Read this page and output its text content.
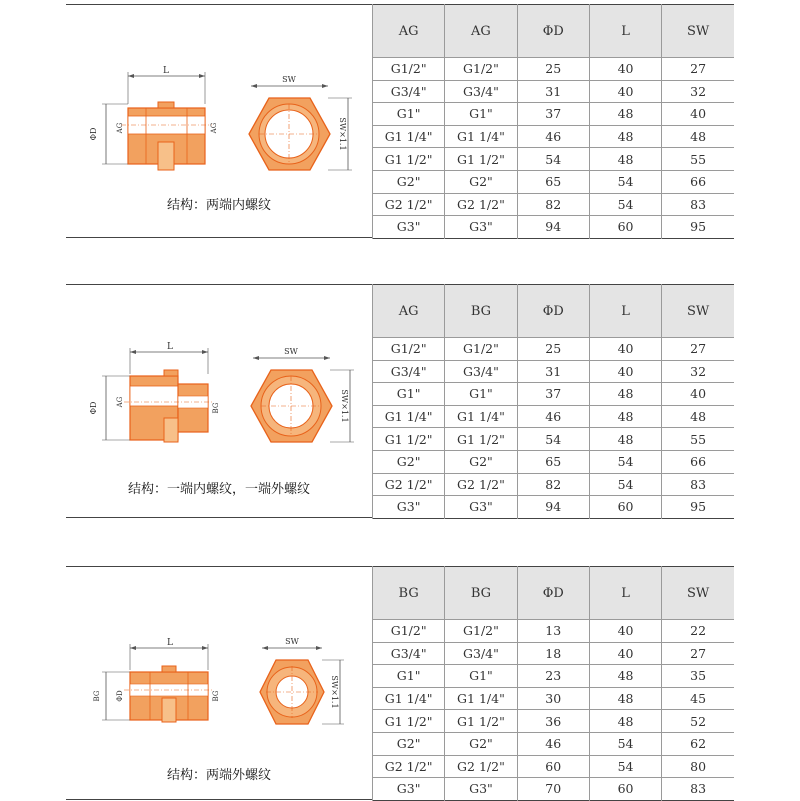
L
ΦD	AG	AG
SW
SW×1.1
结构：两端内螺纹
AG	AG	ΦD	L	SW
G1/2"	G1/2"	25	40	27
G3/4"	G3/4"	31	40	32
G1"	G1"	37	48	40
G1 1/4"	G1 1/4"	46	48	48
G1 1/2"	G1 1/2"	54	48	55
G2"	G2"	65	54	66
G2 1/2"	G2 1/2"	82	54	83
G3"	G3"	94	60	95
L
ΦD	AG
BG
SW
SW×1.1
结构：一端内螺纹，一端外螺纹
AG	BG	ΦD	L	SW
G1/2"	G1/2"	25	40	27
G3/4"	G3/4"	31	40	32
G1"	G1"	37	48	40
G1 1/4"	G1 1/4"	46	48	48
G1 1/2"	G1 1/2"	54	48	55
G2"	G2"	65	54	66
G2 1/2"	G2 1/2"	82	54	83
G3"	G3"	94	60	95
L
BG ΦD	BG
SW
SW×1.1
结构：两端外螺纹
BG	BG	ΦD	L	SW
G1/2"	G1/2"	13	40	22
G3/4"	G3/4"	18	40	27
G1"	G1"	23	48	35
G1 1/4"	G1 1/4"	30	48	45
G1 1/2"	G1 1/2"	36	48	52
G2"	G2"	46	54	62
G2 1/2"	G2 1/2"	60	54	80
G3"	G3"	70	60	83
